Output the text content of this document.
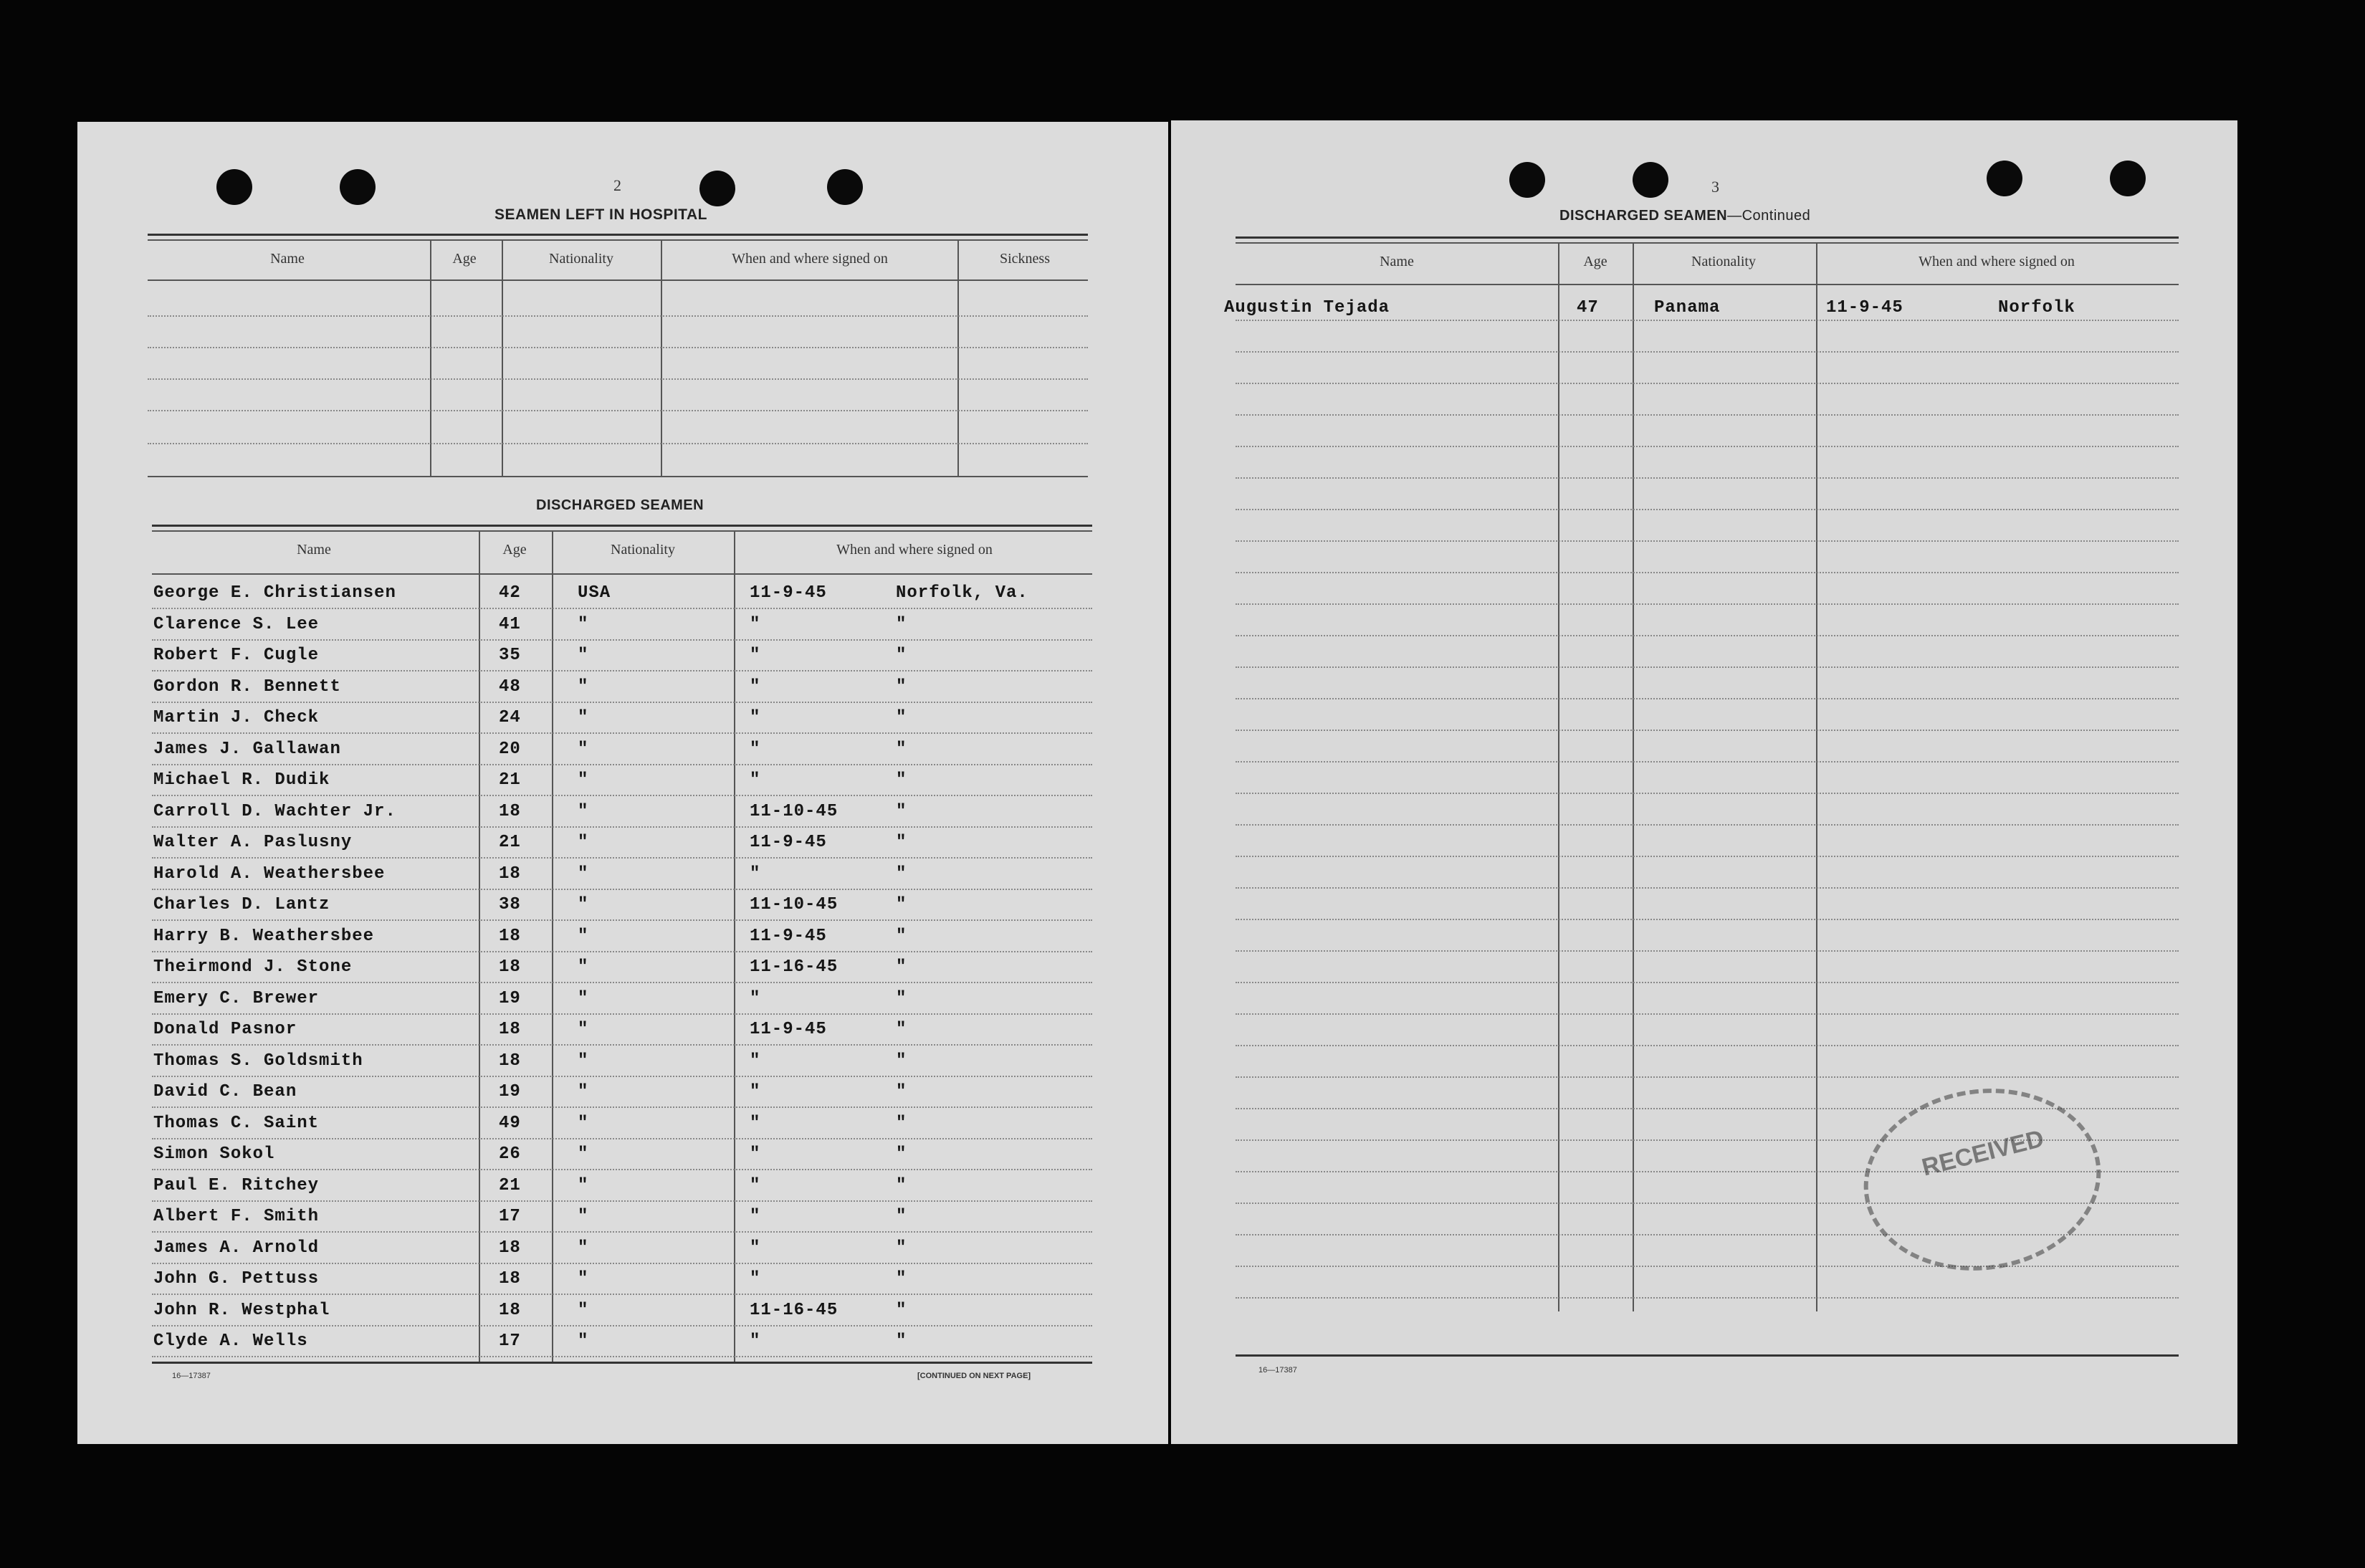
2
SEAMEN LEFT IN HOSPITAL
Name	Age	Nationality	When and where signed on	Sickness
DISCHARGED SEAMEN
Name	Age	Nationality	When and where signed on
George E. Christiansen	42	USA	11-9-45	Norfolk, Va.
Clarence S. Lee	41	"	"	"
Robert F. Cugle	35	"	"	"
Gordon R. Bennett	48	"	"	"
Martin J. Check	24	"	"	"
James J. Gallawan	20	"	"	"
Michael R. Dudik	21	"	"	"
Carroll D. Wachter Jr.	18	"	11-10-45	"
Walter A. Paslusny	21	"	11-9-45	"
Harold A. Weathersbee	18	"	"	"
Charles D. Lantz	38	"	11-10-45	"
Harry B. Weathersbee	18	"	11-9-45	"
Theirmond J. Stone	18	"	11-16-45	"
Emery C. Brewer	19	"	"	"
Donald Pasnor	18	"	11-9-45	"
Thomas S. Goldsmith	18	"	"	"
David C. Bean	19	"	"	"
Thomas C. Saint	49	"	"	"
Simon Sokol	26	"	"	"
Paul E. Ritchey	21	"	"	"
Albert F. Smith	17	"	"	"
James A. Arnold	18	"	"	"
John G. Pettuss	18	"	"	"
John R. Westphal	18	"	11-16-45	"
Clyde A. Wells	17	"	"	"
16—17387	[CONTINUED ON NEXT PAGE]
3
DISCHARGED SEAMEN—Continued
Name	Age	Nationality	When and where signed on
Augustin Tejada	47	Panama	11-9-45	Norfolk
16—17387
RECEIVED
